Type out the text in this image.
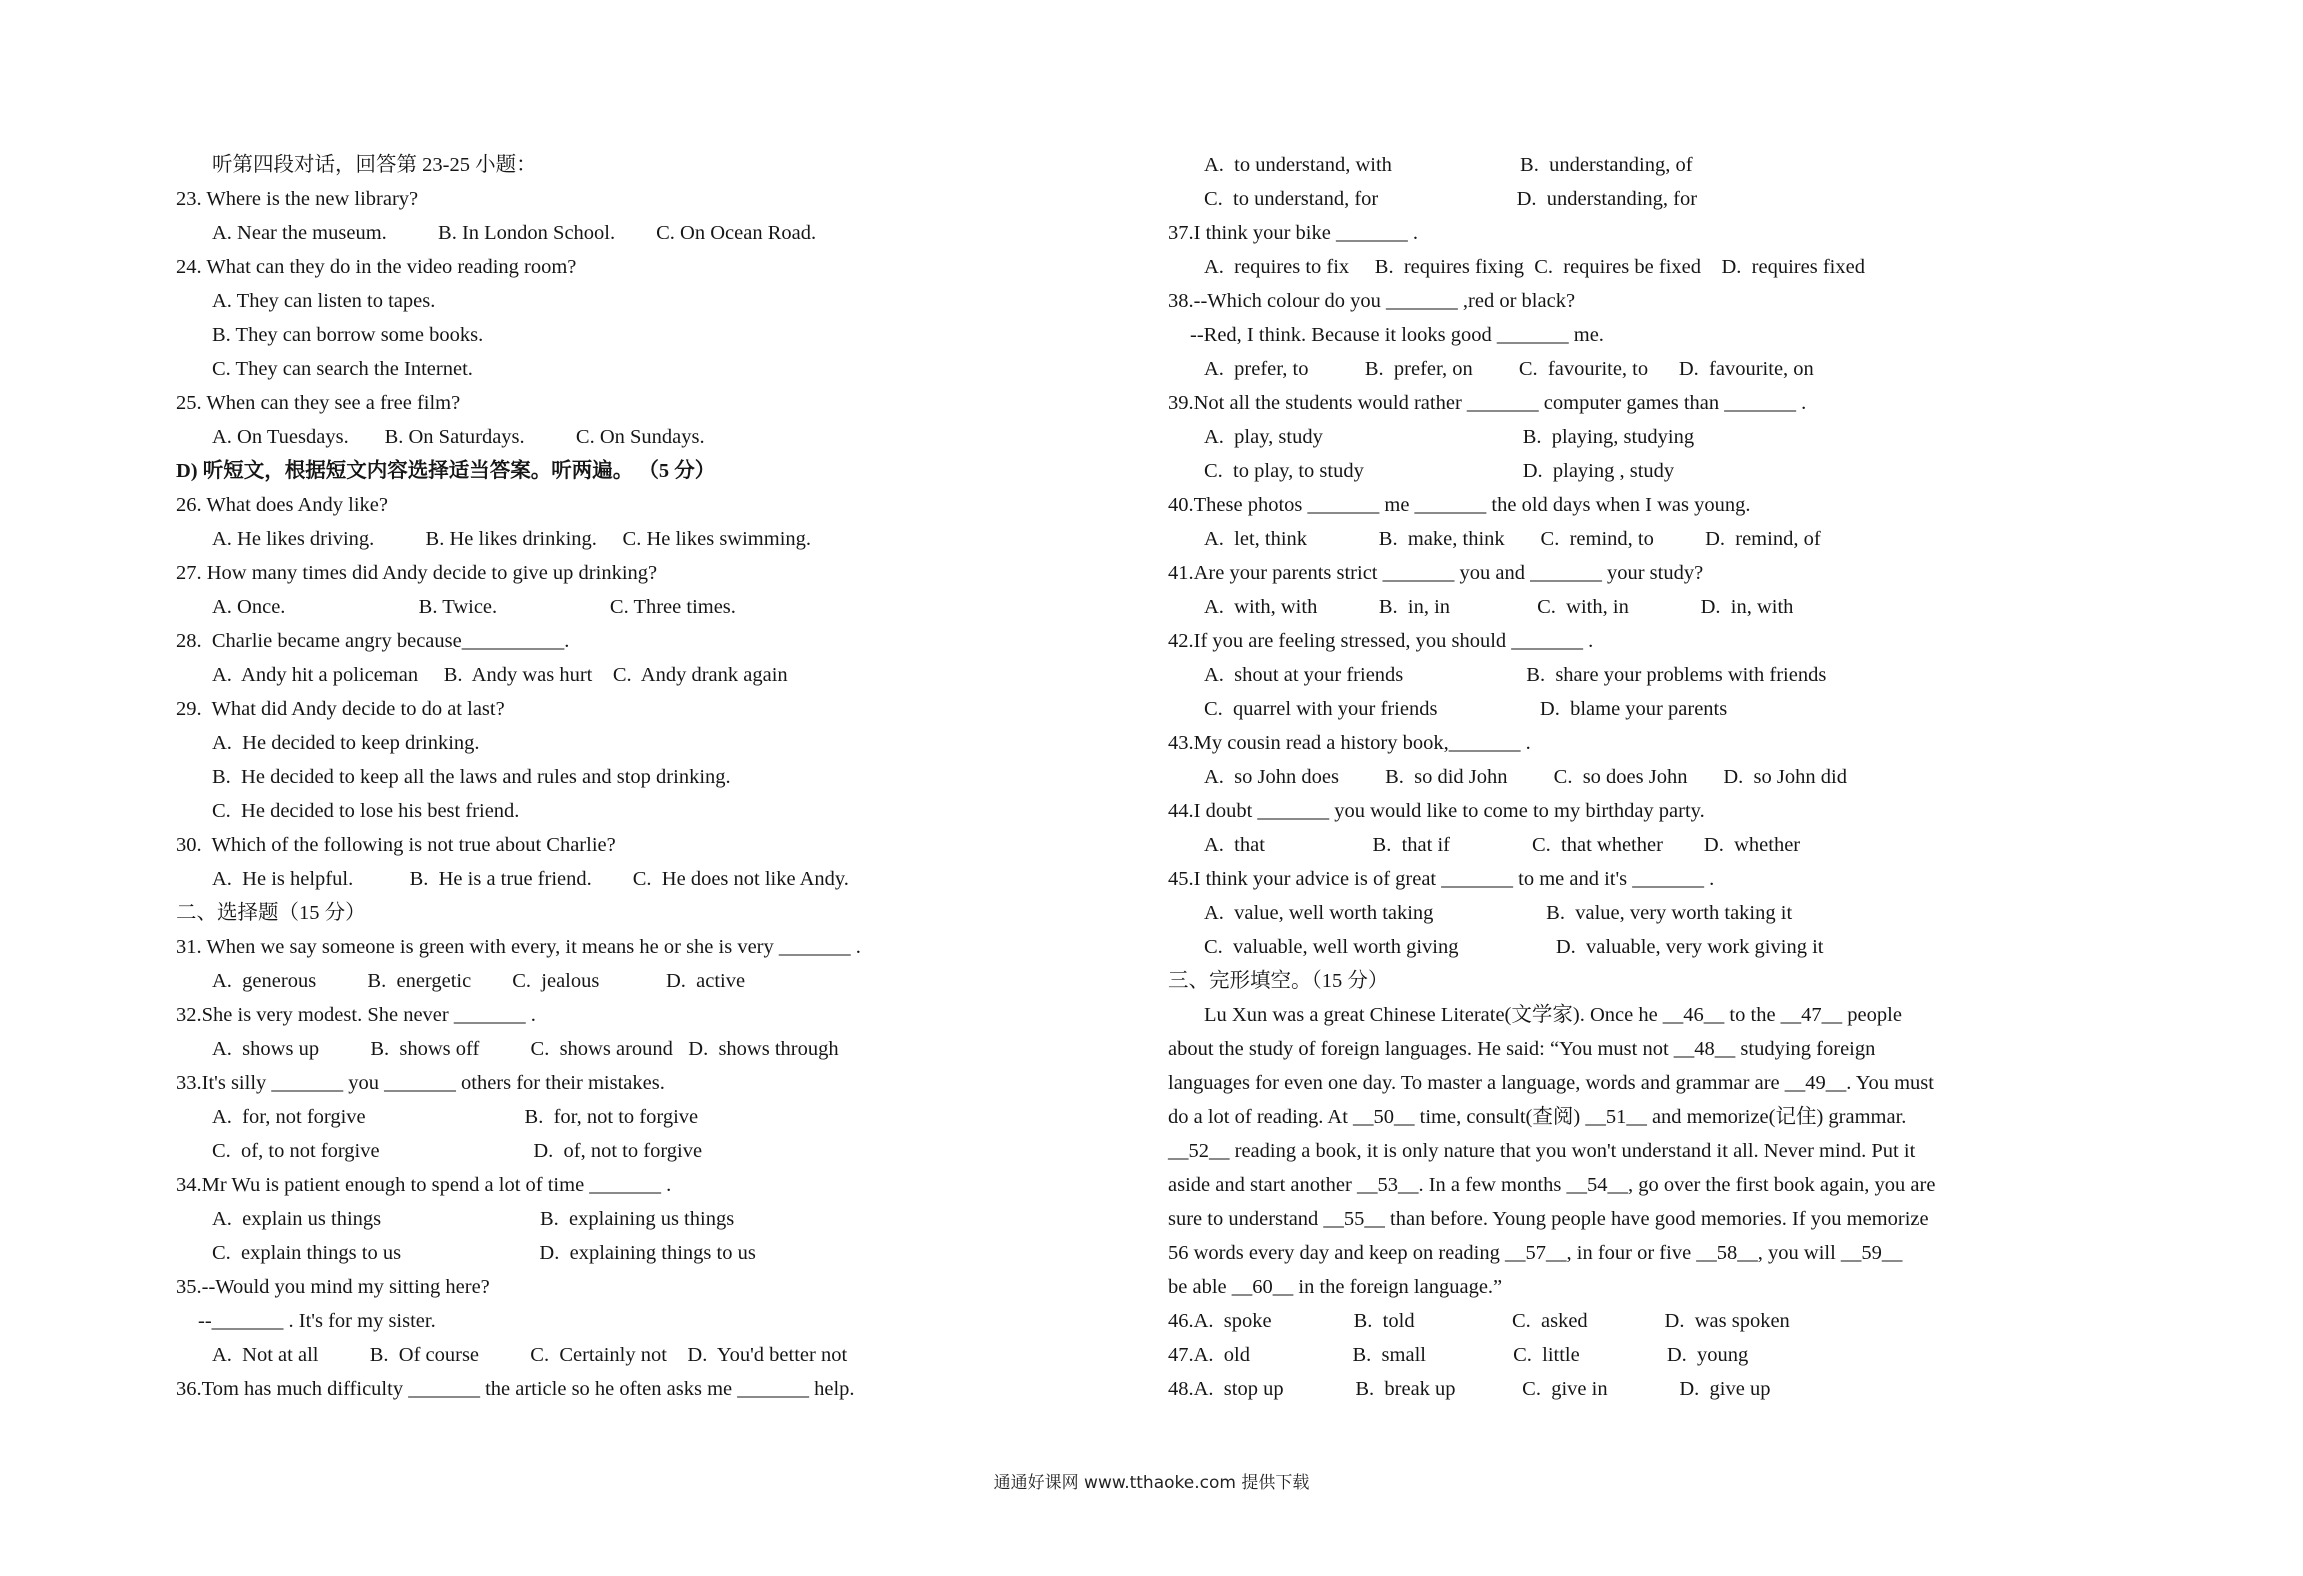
听第四段对话，回答第 23-25 小题：
23. Where is the new library?
A. Near the museum.          B. In London School.        C. On Ocean Road.
24. What can they do in the video reading room?
A. They can listen to tapes.
B. They can borrow some books.
C. They can search the Internet.
25. When can they see a free film?
A. On Tuesdays.       B. On Saturdays.          C. On Sundays.
D) 听短文，根据短文内容选择适当答案。听两遍。 （5 分）
26. What does Andy like?
A. He likes driving.          B. He likes drinking.     C. He likes swimming.
27. How many times did Andy decide to give up drinking?
A. Once.                          B. Twice.                      C. Three times.
28.  Charlie became angry because__________.
A.  Andy hit a policeman     B.  Andy was hurt    C.  Andy drank again
29.  What did Andy decide to do at last?
A.  He decided to keep drinking.
B.  He decided to keep all the laws and rules and stop drinking.
C.  He decided to lose his best friend.
30.  Which of the following is not true about Charlie?
A.  He is helpful.           B.  He is a true friend.        C.  He does not like Andy.
二、选择题（15 分）
31. When we say someone is green with every, it means he or she is very _______ .
A.  generous          B.  energetic        C.  jealous             D.  active
32.She is very modest. She never _______ .
A.  shows up          B.  shows off          C.  shows around   D.  shows through
33.It's silly _______ you _______ others for their mistakes.
A.  for, not forgive                               B.  for, not to forgive
C.  of, to not forgive                              D.  of, not to forgive
34.Mr Wu is patient enough to spend a lot of time _______ .
A.  explain us things                               B.  explaining us things
C.  explain things to us                           D.  explaining things to us
35.--Would you mind my sitting here?
--_______ . It's for my sister.
A.  Not at all          B.  Of course          C.  Certainly not    D.  You'd better not
36.Tom has much difficulty _______ the article so he often asks me _______ help.
A.  to understand, with                         B.  understanding, of
C.  to understand, for                           D.  understanding, for
37.I think your bike _______ .
A.  requires to fix     B.  requires fixing  C.  requires be fixed    D.  requires fixed
38.--Which colour do you _______ ,red or black?
--Red, I think. Because it looks good _______ me.
A.  prefer, to           B.  prefer, on         C.  favourite, to      D.  favourite, on
39.Not all the students would rather _______ computer games than _______ .
A.  play, study                                       B.  playing, studying
C.  to play, to study                               D.  playing , study
40.These photos _______ me _______ the old days when I was young.
A.  let, think              B.  make, think       C.  remind, to          D.  remind, of
41.Are your parents strict _______ you and _______ your study?
A.  with, with            B.  in, in                 C.  with, in              D.  in, with
42.If you are feeling stressed, you should _______ .
A.  shout at your friends                        B.  share your problems with friends
C.  quarrel with your friends                    D.  blame your parents
43.My cousin read a history book,_______ .
A.  so John does         B.  so did John         C.  so does John       D.  so John did
44.I doubt _______ you would like to come to my birthday party.
A.  that                     B.  that if                C.  that whether        D.  whether
45.I think your advice is of great _______ to me and it's _______ .
A.  value, well worth taking                      B.  value, very worth taking it
C.  valuable, well worth giving                   D.  valuable, very work giving it
三、完形填空。（15 分）
Lu Xun was a great Chinese Literate(文学家). Once he __46__ to the __47__ people
about the study of foreign languages. He said: “You must not __48__ studying foreign
languages for even one day. To master a language, words and grammar are __49__. You must
do a lot of reading. At __50__ time, consult(查阅) __51__ and memorize(记住) grammar.
__52__ reading a book, it is only nature that you won't understand it all. Never mind. Put it
aside and start another __53__. In a few months __54__, go over the first book again, you are
sure to understand __55__ than before. Young people have good memories. If you memorize
56 words every day and keep on reading __57__, in four or five __58__, you will __59__
be able __60__ in the foreign language.”
46.A.  spoke                B.  told                   C.  asked               D.  was spoken
47.A.  old                    B.  small                 C.  little                 D.  young
48.A.  stop up              B.  break up             C.  give in              D.  give up
通通好课网 www.tthaoke.com 提供下载
